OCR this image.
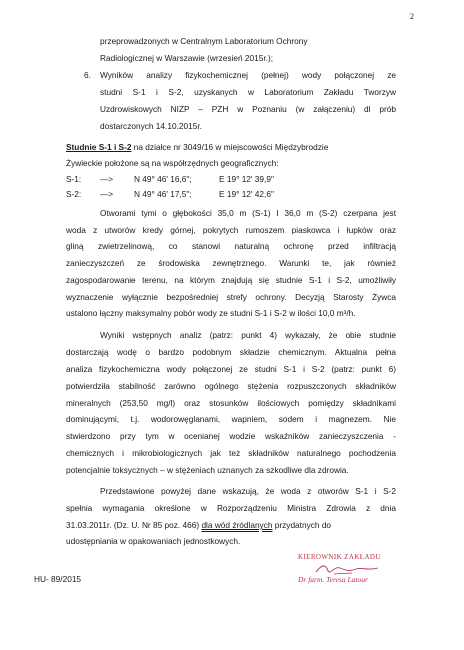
2
przeprowadzonych w Centralnym Laboratorium Ochrony
Radiologicznej w Warszawie (wrzesień 2015r.);
6. Wyników analizy fizykochemicznej (pełnej) wody połączonej ze
studni S-1 i S-2, uzyskanych w Laboratorium Zakładu Tworzyw
Uzdrowiskowych NIZP – PZH w Poznaniu (w załączeniu) dl prób
dostarczonych 14.10.2015r.
Studnie S-1 i S-2 na działce nr 3049/16 w miejscowości Międzybrodzie
Żywieckie położone są na współrzędnych geograficznych:
S-1: —>	N 49° 46' 16,6";	E 19° 12' 39,9"
S-2: —>	N 49° 46' 17,5";	E 19° 12' 42,6"
Otworami tymi o głębokości 35,0 m (S-1) I 36,0 m (S-2) czerpana jest
woda z utworów kredy górnej, pokrytych rumoszem piaskowca i łupków oraz
gliną zwietrzelinową, co stanowi naturalną ochronę przed infiltracją
zanieczyszczeń ze środowiska zewnętrznego. Warunki te, jak również
zagospodarowanie terenu, na którym znajdują się studnie S-1 i S-2, umożliwiły
wyznaczenie wyłącznie bezpośredniej strefy ochrony. Decyzją Starosty Żywca
ustalono łączny maksymalny pobór wody ze studni S-1 i S-2 w ilości 10,0 m³/h.
Wyniki wstępnych analiz (patrz: punkt 4) wykazały, że obie studnie
dostarczają wodę o bardzo podobnym składzie chemicznym. Aktualna pełna
analiza fizykochemiczna wody połączonej ze studni S-1 i S-2 (patrz: punkt 6)
potwierdziła stabilność zarówno ogólnego stężenia rozpuszczonych składników
mineralnych (253,50 mg/l) oraz stosunków ilościowych pomiędzy składnikami
dominującymi, t.j. wodorowęglanami, wapniem, sodem i magnezem. Nie
stwierdzono przy tym w ocenianej wodzie wskaźników zanieczyszczenia -
chemicznych i mikrobiologicznych jak też składników naturalnego pochodzenia
potencjalnie toksycznych – w stężeniach uznanych za szkodliwe dla zdrowia.
Przedstawione powyżej dane wskazują, że woda z otworów S-1 i S-2
spełnia wymagania określone w Rozporządzeniu Ministra Zdrowia z dnia
31.03.2011r. (Dz. U. Nr 85 poz. 466) dla wód źródlanych przydatnych do
udostępniania w opakowaniach jednostkowych.
HU- 89/2015
KIEROWNIK ZAKŁADU
Dr farm. Teresa Latour
